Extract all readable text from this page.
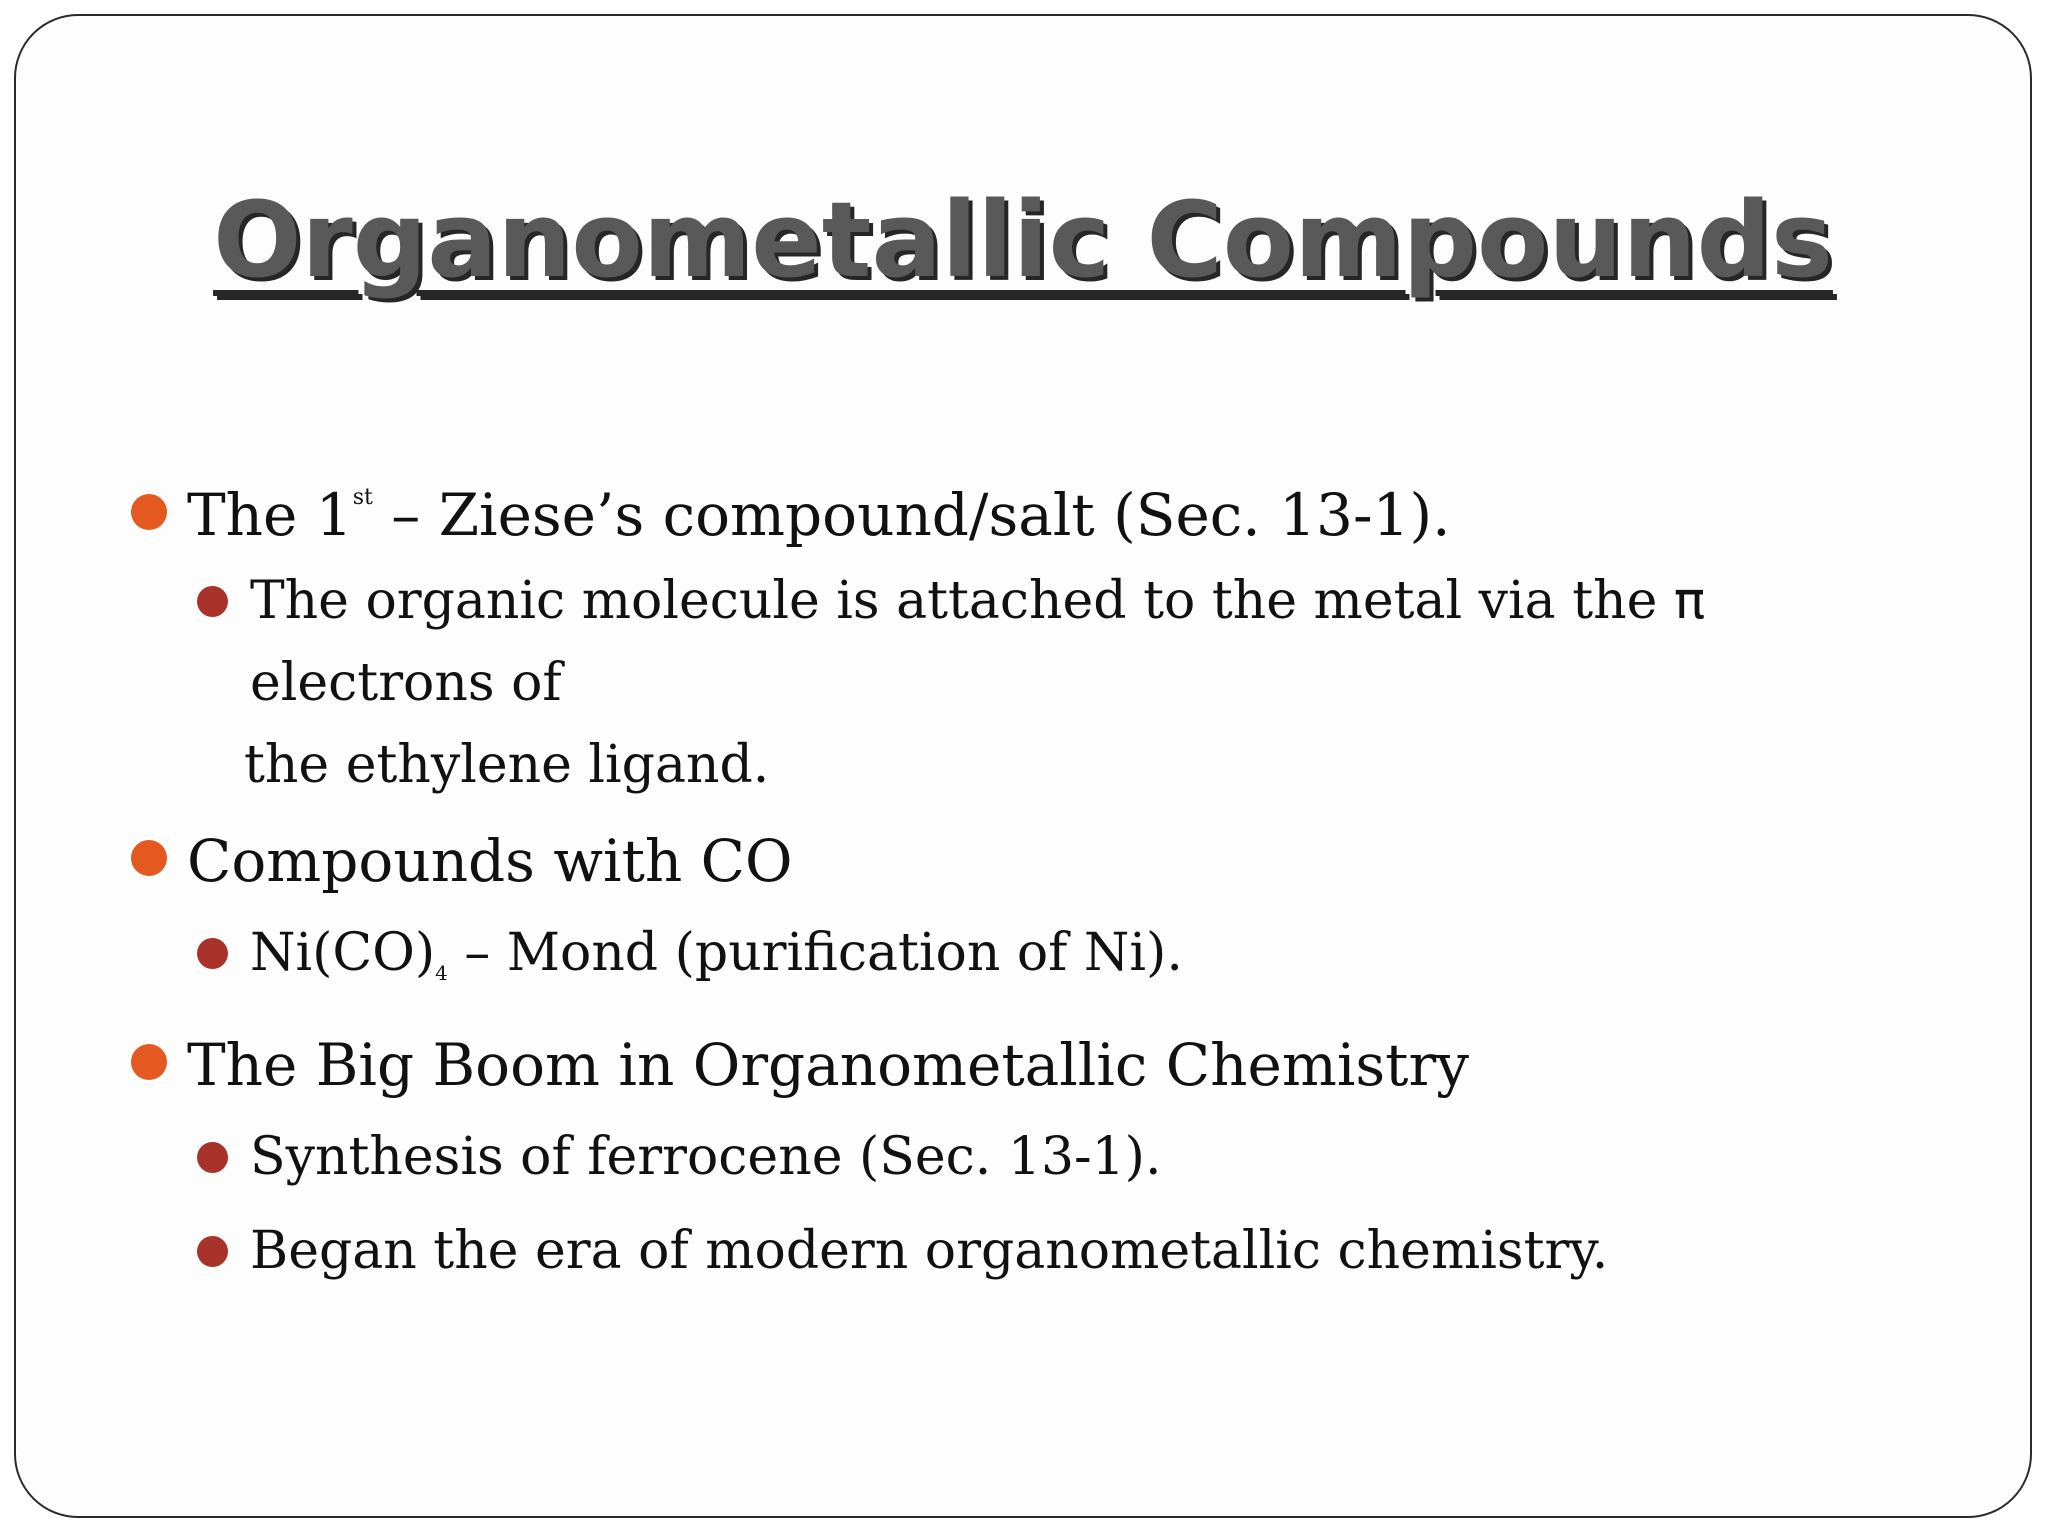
Organometallic Compounds
The 1st – Ziese’s compound/salt (Sec. 13-1).
The organic molecule is attached to the metal via the π electrons of
the ethylene ligand.
Compounds with CO
$Ni(CO)_4$ – Mond (purification of Ni).
The Big Boom in Organometallic Chemistry
Synthesis of ferrocene (Sec. 13-1).
Began the era of modern organometallic chemistry.
